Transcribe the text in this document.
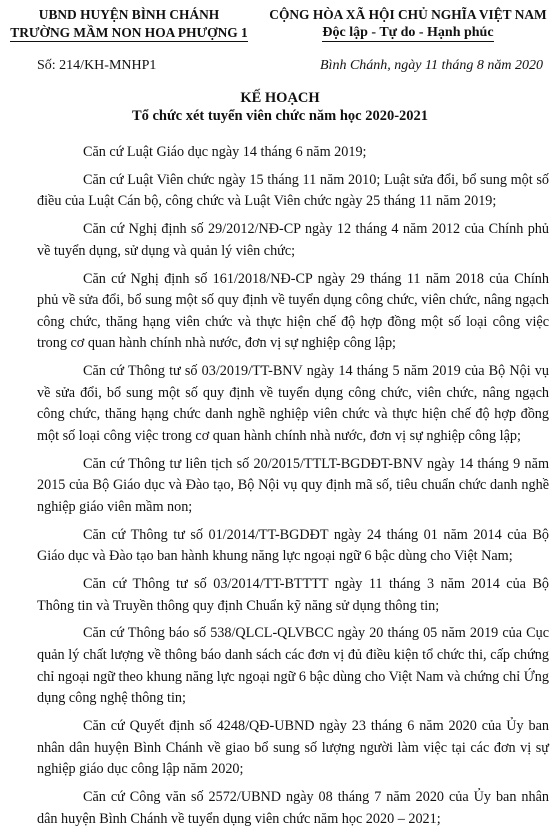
UBND HUYỆN BÌNH CHÁNH
TRƯỜNG MẦM NON HOA PHƯỢNG 1
CỘNG HÒA XÃ HỘI CHỦ NGHĨA VIỆT NAM
Độc lập - Tự do - Hạnh phúc
Số: 214/KH-MNHP1	Bình Chánh, ngày 11 tháng 8 năm 2020
KẾ HOẠCH
Tổ chức xét tuyển viên chức năm học 2020-2021

Căn cứ Luật Giáo dục ngày 14 tháng 6 năm 2019;

Căn cứ Luật Viên chức ngày 15 tháng 11 năm 2010; Luật sửa đổi, bổ sung một số điều của Luật Cán bộ, công chức và Luật Viên chức ngày 25 tháng 11 năm 2019;

Căn cứ Nghị định số 29/2012/NĐ-CP ngày 12 tháng 4 năm 2012 của Chính phủ về tuyển dụng, sử dụng và quản lý viên chức;

Căn cứ Nghị định số 161/2018/NĐ-CP ngày 29 tháng 11 năm 2018 của Chính phủ về sửa đổi, bổ sung một số quy định về tuyển dụng công chức, viên chức, nâng ngạch công chức, thăng hạng viên chức và thực hiện chế độ hợp đồng một số loại công việc trong cơ quan hành chính nhà nước, đơn vị sự nghiệp công lập;

Căn cứ Thông tư số 03/2019/TT-BNV ngày 14 tháng 5 năm 2019 của Bộ Nội vụ về sửa đổi, bổ sung một số quy định về tuyển dụng công chức, viên chức, nâng ngạch công chức, thăng hạng chức danh nghề nghiệp viên chức và thực hiện chế độ hợp đồng một số loại công việc trong cơ quan hành chính nhà nước, đơn vị sự nghiệp công lập;

Căn cứ Thông tư liên tịch số 20/2015/TTLT-BGDĐT-BNV ngày 14 tháng 9 năm 2015 của Bộ Giáo dục và Đào tạo, Bộ Nội vụ quy định mã số, tiêu chuẩn chức danh nghề nghiệp giáo viên mầm non;

Căn cứ Thông tư số 01/2014/TT-BGDĐT ngày 24 tháng 01 năm 2014 của Bộ Giáo dục và Đào tạo ban hành khung năng lực ngoại ngữ 6 bậc dùng cho Việt Nam;

Căn cứ Thông tư số 03/2014/TT-BTTTT ngày 11 tháng 3 năm 2014 của Bộ Thông tin và Truyền thông quy định Chuẩn kỹ năng sử dụng thông tin;

Căn cứ Thông báo số 538/QLCL-QLVBCC ngày 20 tháng 05 năm 2019 của Cục quản lý chất lượng về thông báo danh sách các đơn vị đủ điều kiện tổ chức thi, cấp chứng chỉ ngoại ngữ theo khung năng lực ngoại ngữ 6 bậc dùng cho Việt Nam và chứng chỉ Ứng dụng công nghệ thông tin;

Căn cứ Quyết định số 4248/QĐ-UBND ngày 23 tháng 6 năm 2020 của Ủy ban nhân dân huyện Bình Chánh về giao bổ sung số lượng người làm việc tại các đơn vị sự nghiệp giáo dục công lập năm 2020;

Căn cứ Công văn số 2572/UBND ngày 08 tháng 7 năm 2020 của Ủy ban nhân dân huyện Bình Chánh về tuyển dụng viên chức năm học 2020 – 2021;
